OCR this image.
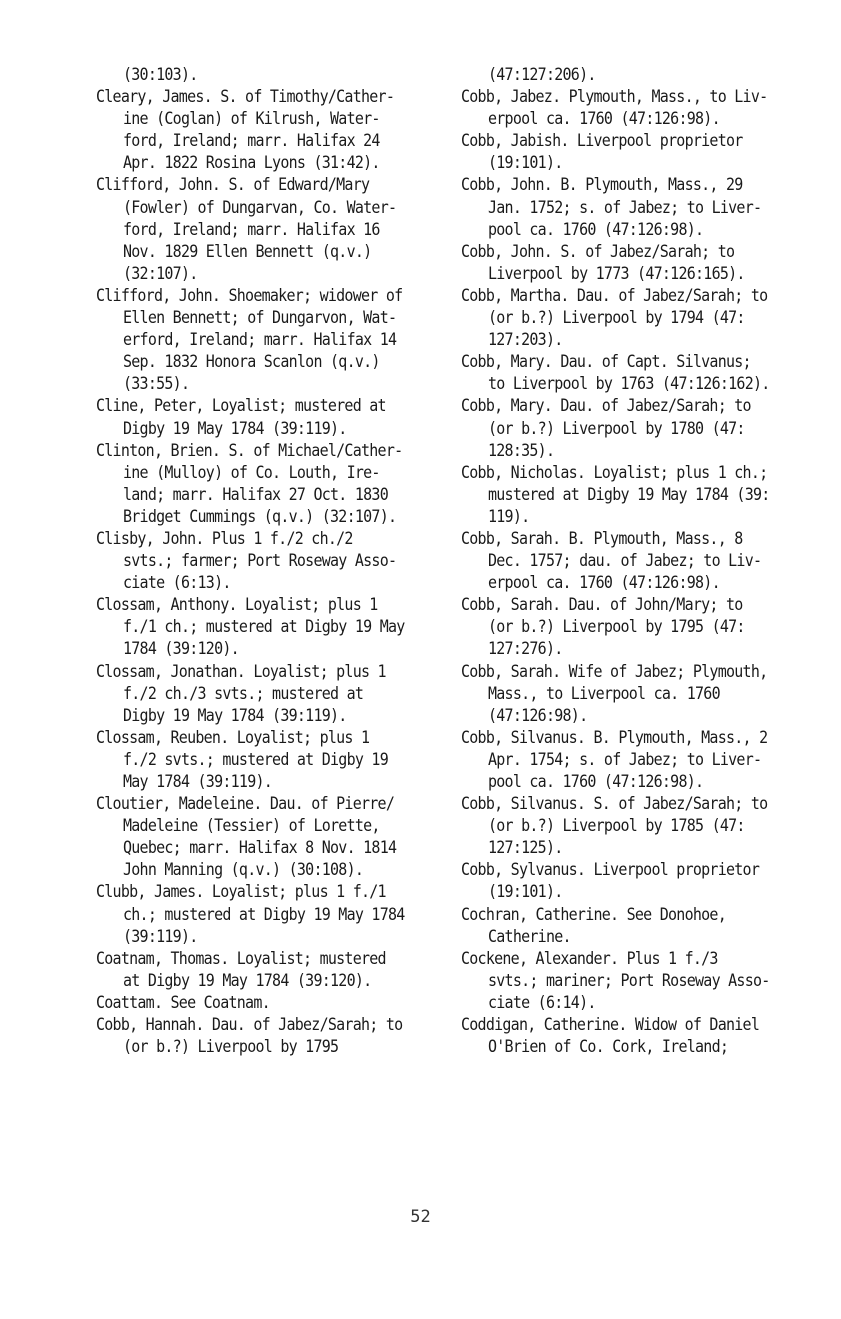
(30:103).
Cleary, James. S. of Timothy/Cather-
ine (Coglan) of Kilrush, Water-
ford, Ireland; marr. Halifax 24
Apr. 1822 Rosina Lyons (31:42).
Clifford, John. S. of Edward/Mary
(Fowler) of Dungarvan, Co. Water-
ford, Ireland; marr. Halifax 16
Nov. 1829 Ellen Bennett (q.v.)
(32:107).
Clifford, John. Shoemaker; widower of
Ellen Bennett; of Dungarvon, Wat-
erford, Ireland; marr. Halifax 14
Sep. 1832 Honora Scanlon (q.v.)
(33:55).
Cline, Peter, Loyalist; mustered at
Digby 19 May 1784 (39:119).
Clinton, Brien. S. of Michael/Cather-
ine (Mulloy) of Co. Louth, Ire-
land; marr. Halifax 27 Oct. 1830
Bridget Cummings (q.v.) (32:107).
Clisby, John. Plus 1 f./2 ch./2
svts.; farmer; Port Roseway Asso-
ciate (6:13).
Clossam, Anthony. Loyalist; plus 1
f./1 ch.; mustered at Digby 19 May
1784 (39:120).
Clossam, Jonathan. Loyalist; plus 1
f./2 ch./3 svts.; mustered at
Digby 19 May 1784 (39:119).
Clossam, Reuben. Loyalist; plus 1
f./2 svts.; mustered at Digby 19
May 1784 (39:119).
Cloutier, Madeleine. Dau. of Pierre/
Madeleine (Tessier) of Lorette,
Quebec; marr. Halifax 8 Nov. 1814
John Manning (q.v.) (30:108).
Clubb, James. Loyalist; plus 1 f./1
ch.; mustered at Digby 19 May 1784
(39:119).
Coatnam, Thomas. Loyalist; mustered
at Digby 19 May 1784 (39:120).
Coattam. See Coatnam.
Cobb, Hannah. Dau. of Jabez/Sarah; to
(or b.?) Liverpool by 1795
(47:127:206).
Cobb, Jabez. Plymouth, Mass., to Liv-
erpool ca. 1760 (47:126:98).
Cobb, Jabish. Liverpool proprietor
(19:101).
Cobb, John. B. Plymouth, Mass., 29
Jan. 1752; s. of Jabez; to Liver-
pool ca. 1760 (47:126:98).
Cobb, John. S. of Jabez/Sarah; to
Liverpool by 1773 (47:126:165).
Cobb, Martha. Dau. of Jabez/Sarah; to
(or b.?) Liverpool by 1794 (47:
127:203).
Cobb, Mary. Dau. of Capt. Silvanus;
to Liverpool by 1763 (47:126:162).
Cobb, Mary. Dau. of Jabez/Sarah; to
(or b.?) Liverpool by 1780 (47:
128:35).
Cobb, Nicholas. Loyalist; plus 1 ch.;
mustered at Digby 19 May 1784 (39:
119).
Cobb, Sarah. B. Plymouth, Mass., 8
Dec. 1757; dau. of Jabez; to Liv-
erpool ca. 1760 (47:126:98).
Cobb, Sarah. Dau. of John/Mary; to
(or b.?) Liverpool by 1795 (47:
127:276).
Cobb, Sarah. Wife of Jabez; Plymouth,
Mass., to Liverpool ca. 1760
(47:126:98).
Cobb, Silvanus. B. Plymouth, Mass., 2
Apr. 1754; s. of Jabez; to Liver-
pool ca. 1760 (47:126:98).
Cobb, Silvanus. S. of Jabez/Sarah; to
(or b.?) Liverpool by 1785 (47:
127:125).
Cobb, Sylvanus. Liverpool proprietor
(19:101).
Cochran, Catherine. See Donohoe,
Catherine.
Cockene, Alexander. Plus 1 f./3
svts.; mariner; Port Roseway Asso-
ciate (6:14).
Coddigan, Catherine. Widow of Daniel
O'Brien of Co. Cork, Ireland;
52
